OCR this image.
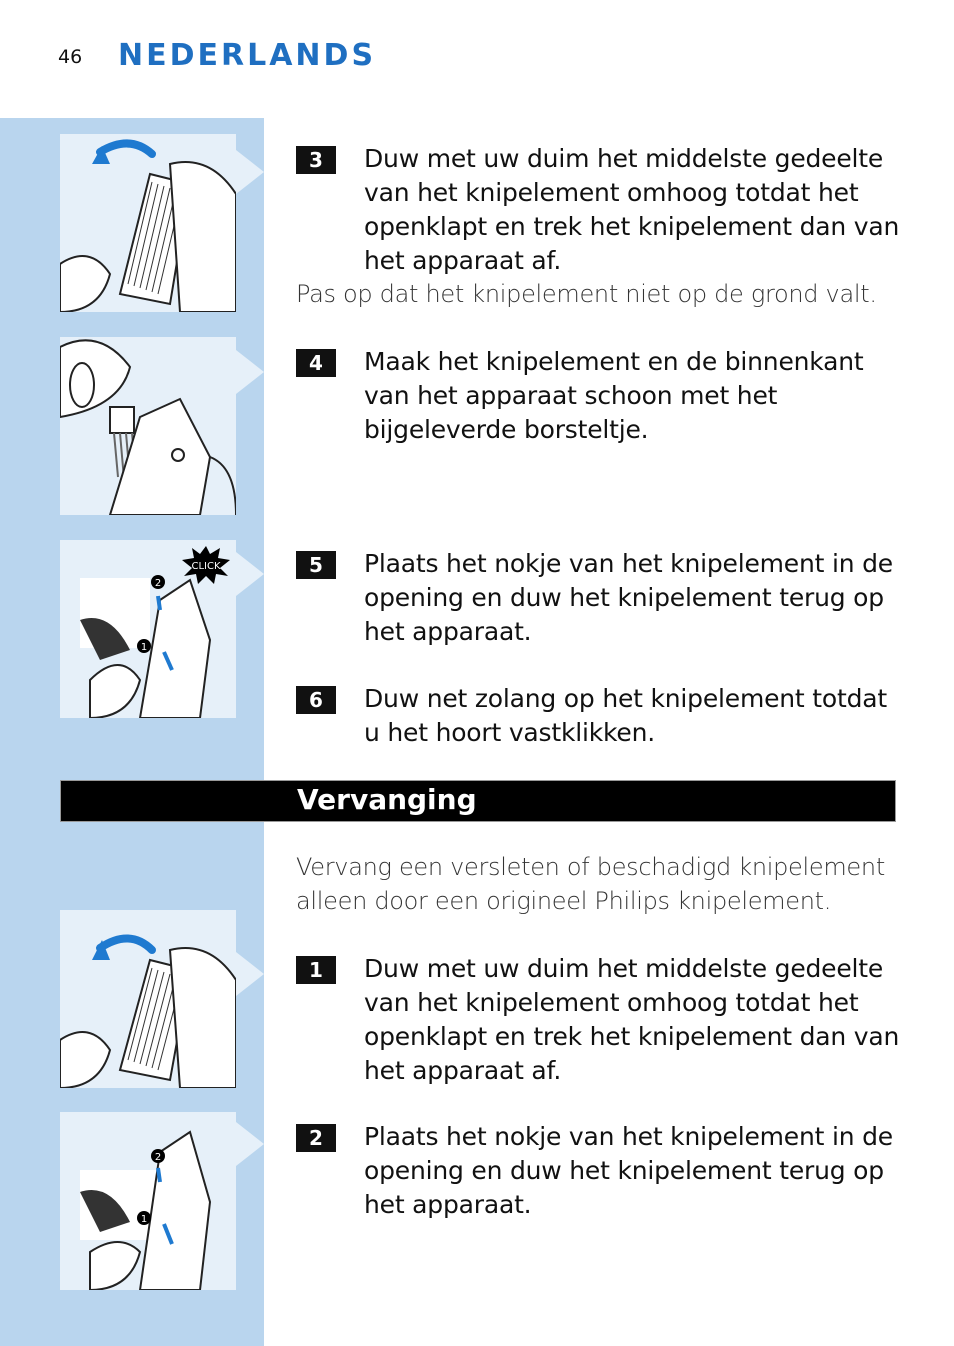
46 NEDERLANDS
CLICK
2
1
3	Duw met uw duim het middelste gedeelte van het knipelement omhoog totdat het openklapt en trek het knipelement dan van het apparaat af.
Pas op dat het knipelement niet op de grond valt.
4	Maak het knipelement en de binnenkant van het apparaat schoon met het bijgeleverde borsteltje.
5	Plaats het nokje van het knipelement in de opening en duw het knipelement terug op het apparaat.
6	Duw net zolang op het knipelement totdat u het hoort vastklikken.
Vervanging
Vervang een versleten of beschadigd knipelement alleen door een origineel Philips knipelement.
2
1
1	Duw met uw duim het middelste gedeelte van het knipelement omhoog totdat het openklapt en trek het knipelement dan van het apparaat af.
2	Plaats het nokje van het knipelement in de opening en duw het knipelement terug op het apparaat.
